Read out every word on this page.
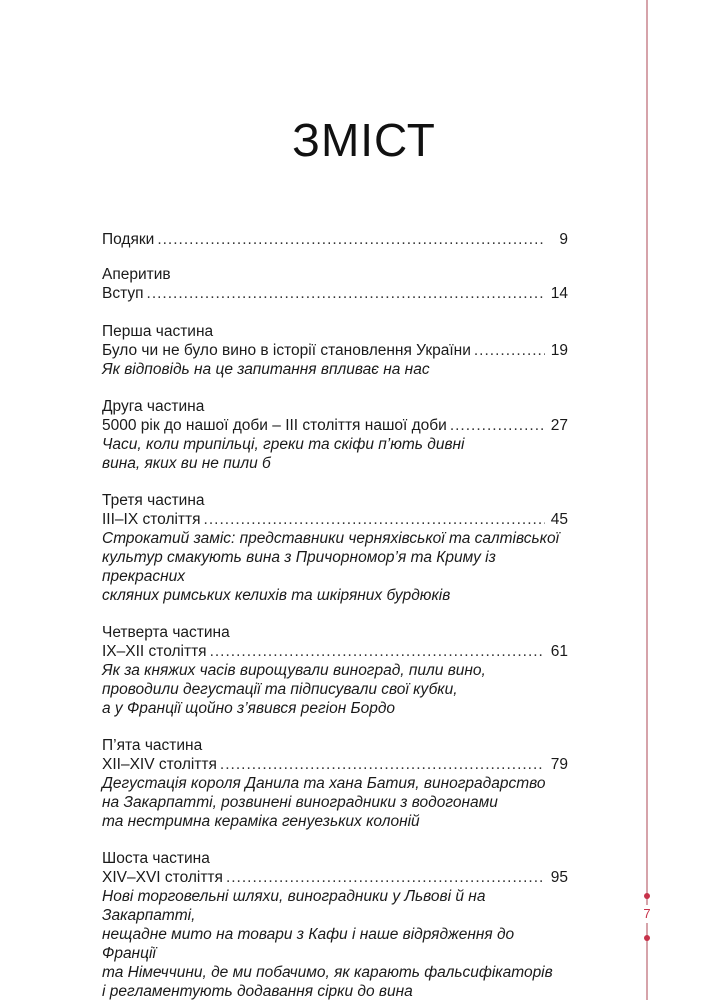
7
ЗМІСТ
Подяки .....	9
Аперитив
Вступ .....	14
Перша частина
Було чи не було вино в історії становлення України .....	19
Як відповідь на це запитання впливає на нас
Друга частина
5000 рік до нашої доби – III століття нашої доби .....	27
Часи, коли трипільці, греки та скіфи п’ють дивні
вина, яких ви не пили б
Третя частина
III–IX століття .....	45
Строкатий заміс: представники черняхівської та салтівської
культур смакують вина з Причорномор’я та Криму із прекрасних
скляних римських келихів та шкіряних бурдюків
Четверта частина
IX–XII століття .....	61
Як за княжих часів вирощували виноград, пили вино,
проводили дегустації та підписували свої кубки,
а у Франції щойно з’явився регіон Бордо
П’ята частина
XII–XIV століття .....	79
Дегустація короля Данила та хана Батия, виноградарство
на Закарпатті, розвинені виноградники з водогонами
та нестримна кераміка генуезьких колоній
Шоста частина
XIV–XVI століття .....	95
Нові торговельні шляхи, виноградники у Львові й на Закарпатті,
нещадне мито на товари з Кафи і наше відрядження до Франції
та Німеччини, де ми побачимо, як карають фальсифікаторів
і регламентують додавання сірки до вина
